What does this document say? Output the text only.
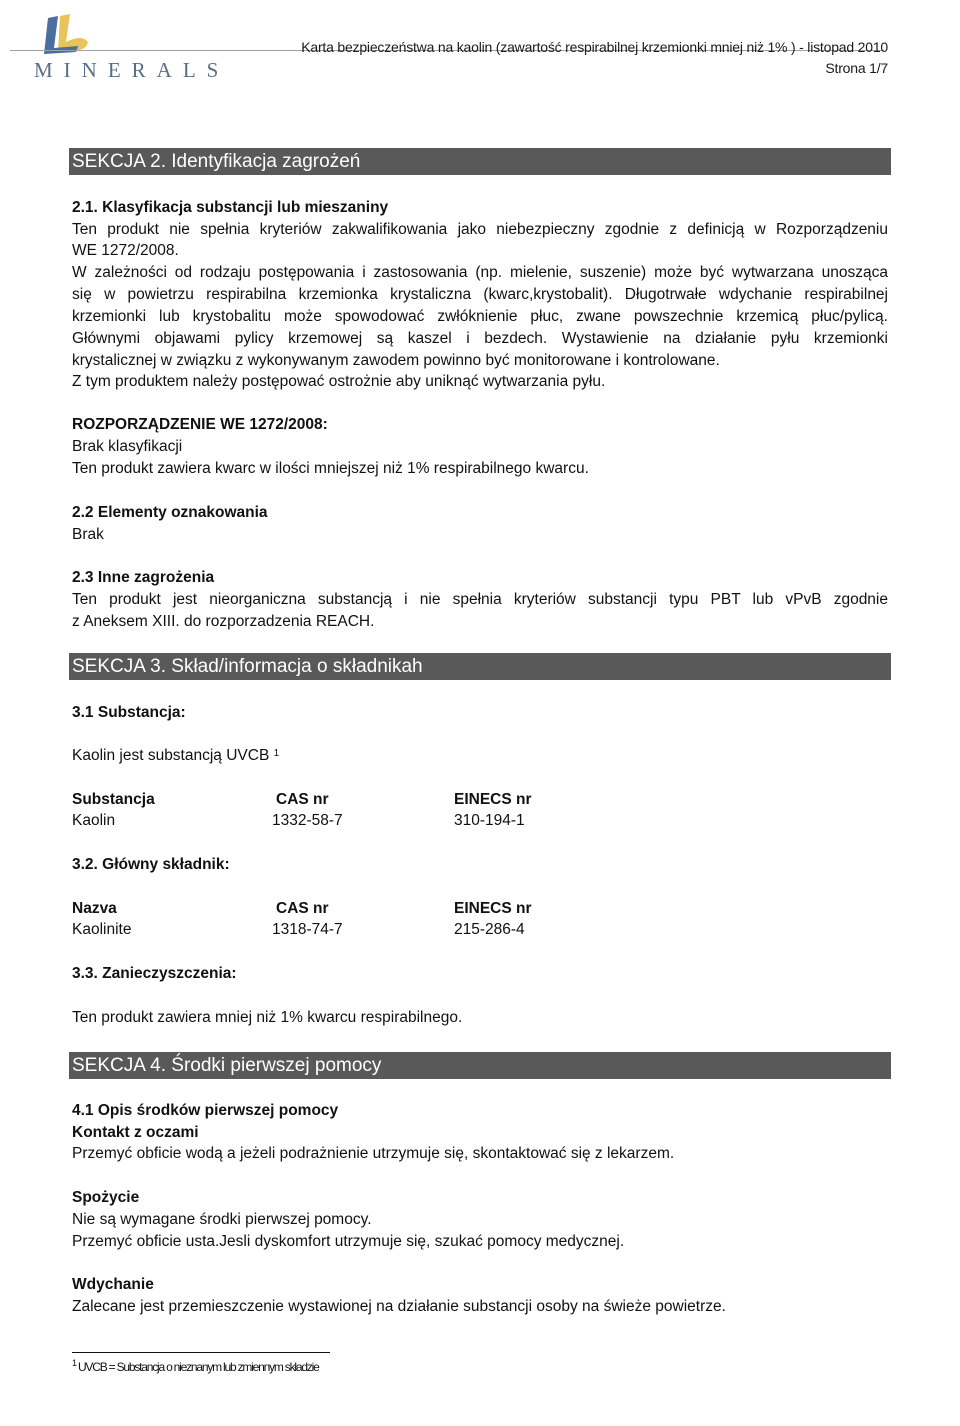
MINERALS
Karta bezpieczeństwa na kaolin (zawartość respirabilnej krzemionki mniej niż 1% ) - listopad 2010
Strona 1/7
SEKCJA 2. Identyfikacja zagrożeń
2.1. Klasyfikacja substancji lub mieszaniny
Ten produkt nie spełnia kryteriów zakwalifikowania jako niebezpieczny zgodnie z definicją w Rozporządzeniu
WE 1272/2008.
W zależności od rodzaju postępowania i zastosowania (np. mielenie, suszenie) może być wytwarzana unosząca
się w powietrzu respirabilna krzemionka krystaliczna (kwarc,krystobalit). Długotrwałe wdychanie respirabilnej
krzemionki lub krystobalitu może spowodować zwłóknienie płuc, zwane powszechnie krzemicą płuc/pylicą.
Głównymi objawami pylicy krzemowej są kaszel i bezdech. Wystawienie na działanie pyłu krzemionki
krystalicznej w związku z wykonywanym zawodem powinno być monitorowane i kontrolowane.
Z tym produktem należy postępować ostrożnie aby uniknąć wytwarzania pyłu.
ROZPORZĄDZENIE WE 1272/2008:
Brak klasyfikacji
Ten produkt zawiera kwarc w ilości mniejszej niż 1% respirabilnego kwarcu.
2.2 Elementy oznakowania
Brak
2.3 Inne zagrożenia
Ten produkt jest nieorganiczna substancją i nie spełnia kryteriów substancji typu PBT lub vPvB zgodnie
z Aneksem XIII. do rozporzadzenia REACH.
SEKCJA 3. Skład/informacja o składnikah
3.1 Substancja:
Kaolin jest substancją UVCB $^1$
Substancja	CAS nr	EINECS nr
Kaolin	1332-58-7	310-194-1
3.2. Główny składnik:
Nazva	CAS nr	EINECS nr
Kaolinite	1318-74-7	215-286-4
3.3. Zanieczyszczenia:
Ten produkt zawiera mniej niż 1% kwarcu respirabilnego.
SEKCJA 4. Środki pierwszej pomocy
4.1 Opis środków pierwszej pomocy
Kontakt z oczami
Przemyć obficie wodą a jeżeli podrażnienie utrzymuje się, skontaktować się z lekarzem.
Spożycie
Nie są wymagane środki pierwszej pomocy.
Przemyć obficie usta.Jesli dyskomfort utrzymuje się, szukać pomocy medycznej.
Wdychanie
Zalecane jest przemieszczenie wystawionej na działanie substancji osoby na świeże powietrze.
$^1$ UVCB = Substancja o nieznanym lub zmiennym składzie
